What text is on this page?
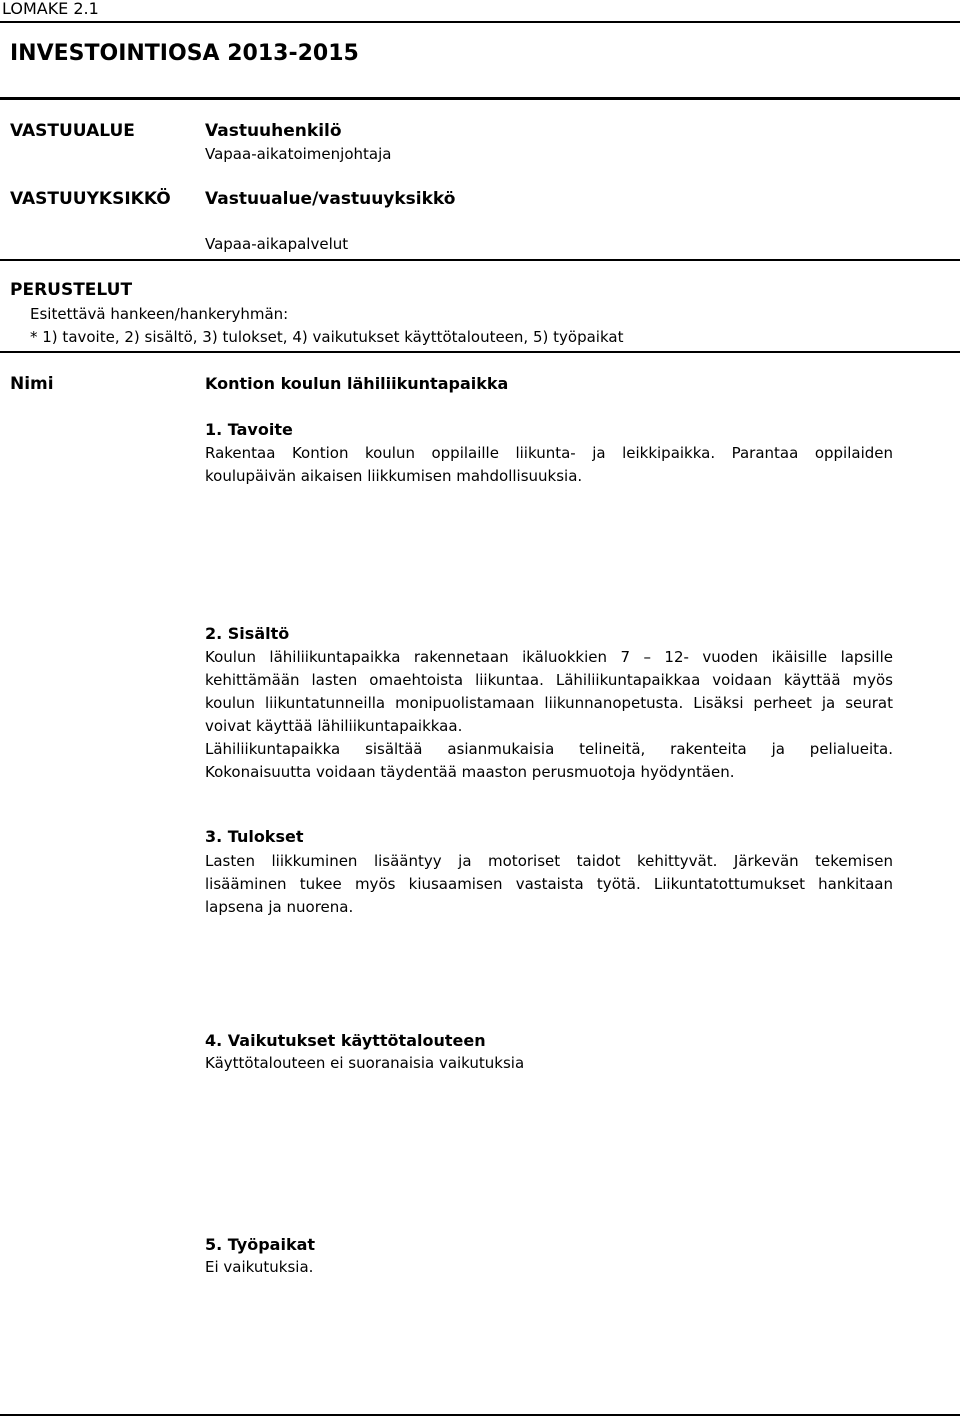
LOMAKE 2.1
INVESTOINTIOSA 2013-2015
VASTUUALUE	Vastuuhenkilö
Vapaa-aikatoimenjohtaja
VASTUUYKSIKKÖ Vastuualue/vastuuyksikkö
Vapaa-aikapalvelut
PERUSTELUT
Esitettävä hankeen/hankeryhmän:
* 1) tavoite, 2) sisältö, 3) tulokset, 4) vaikutukset käyttötalouteen, 5) työpaikat
Nimi	Kontion koulun lähiliikuntapaikka
1. Tavoite

Rakentaa Kontion koulun oppilaille liikunta- ja leikkipaikka. Parantaa oppilaiden
koulupäivän aikaisen liikkumisen mahdollisuuksia.

2. Sisältö

Koulun lähiliikuntapaikka rakennetaan ikäluokkien 7 – 12- vuoden ikäisille lapsille
kehittämään lasten omaehtoista liikuntaa. Lähiliikuntapaikkaa voidaan käyttää myös
koulun liikuntatunneilla monipuolistamaan liikunnanopetusta. Lisäksi perheet ja seurat
voivat käyttää lähiliikuntapaikkaa.
Lähiliikuntapaikka sisältää asianmukaisia telineitä, rakenteita ja pelialueita.
Kokonaisuutta voidaan täydentää maaston perusmuotoja hyödyntäen.

3. Tulokset

Lasten liikkuminen lisääntyy ja motoriset taidot kehittyvät. Järkevän tekemisen
lisääminen tukee myös kiusaamisen vastaista työtä. Liikuntatottumukset hankitaan
lapsena ja nuorena.

4. Vaikutukset käyttötalouteen
Käyttötalouteen ei suoranaisia vaikutuksia
5. Työpaikat
Ei vaikutuksia.
